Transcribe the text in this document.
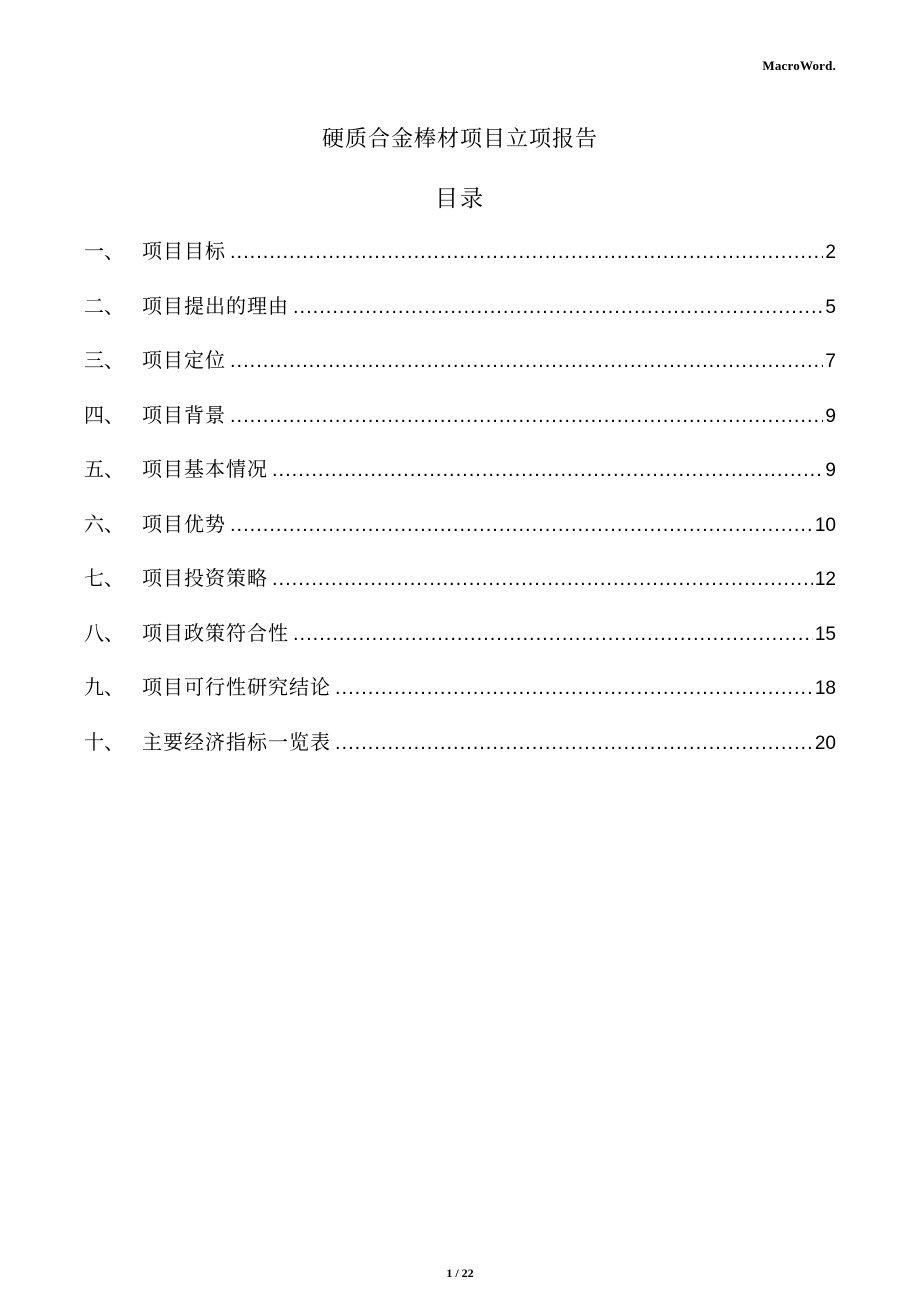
MacroWord.
硬质合金棒材项目立项报告
目录
一、 项目目标 .....	2
二、 项目提出的理由 .....	5
三、 项目定位 .....	7
四、 项目背景 .....	9
五、 项目基本情况 .....	9
六、 项目优势 .....	10
七、 项目投资策略 .....	12
八、 项目政策符合性 .....	15
九、 项目可行性研究结论 .....	18
十、 主要经济指标一览表 .....	20
1 / 22
